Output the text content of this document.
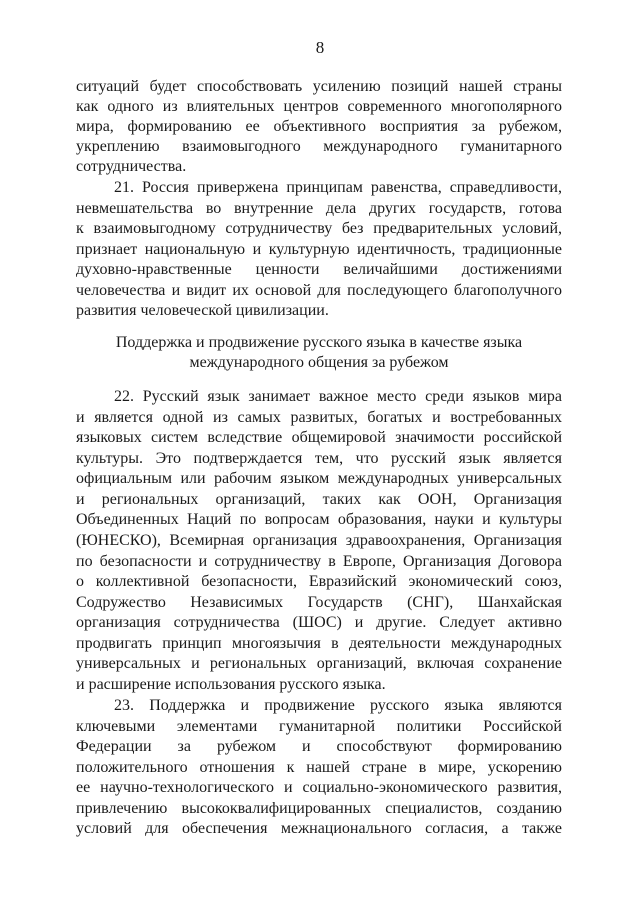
8
ситуаций будет способствовать усилению позиций нашей страны
как одного из влиятельных центров современного многополярного
мира, формированию ее объективного восприятия за рубежом,
укреплению взаимовыгодного международного гуманитарного
сотрудничества.
21. Россия привержена принципам равенства, справедливости,
невмешательства во внутренние дела других государств, готова
к взаимовыгодному сотрудничеству без предварительных условий,
признает национальную и культурную идентичность, традиционные
духовно-нравственные ценности величайшими достижениями
человечества и видит их основой для последующего благополучного
развития человеческой цивилизации.
Поддержка и продвижение русского языка в качестве языка
международного общения за рубежом
22. Русский язык занимает важное место среди языков мира
и является одной из самых развитых, богатых и востребованных
языковых систем вследствие общемировой значимости российской
культуры. Это подтверждается тем, что русский язык является
официальным или рабочим языком международных универсальных
и региональных организаций, таких как ООН, Организация
Объединенных Наций по вопросам образования, науки и культуры
(ЮНЕСКО), Всемирная организация здравоохранения, Организация
по безопасности и сотрудничеству в Европе, Организация Договора
о коллективной безопасности, Евразийский экономический союз,
Содружество Независимых Государств (СНГ), Шанхайская
организация сотрудничества (ШОС) и другие. Следует активно
продвигать принцип многоязычия в деятельности международных
универсальных и региональных организаций, включая сохранение
и расширение использования русского языка.
23. Поддержка и продвижение русского языка являются
ключевыми элементами гуманитарной политики Российской
Федерации за рубежом и способствуют формированию
положительного отношения к нашей стране в мире, ускорению
ее научно-технологического и социально-экономического развития,
привлечению высококвалифицированных специалистов, созданию
условий для обеспечения межнационального согласия, а также
